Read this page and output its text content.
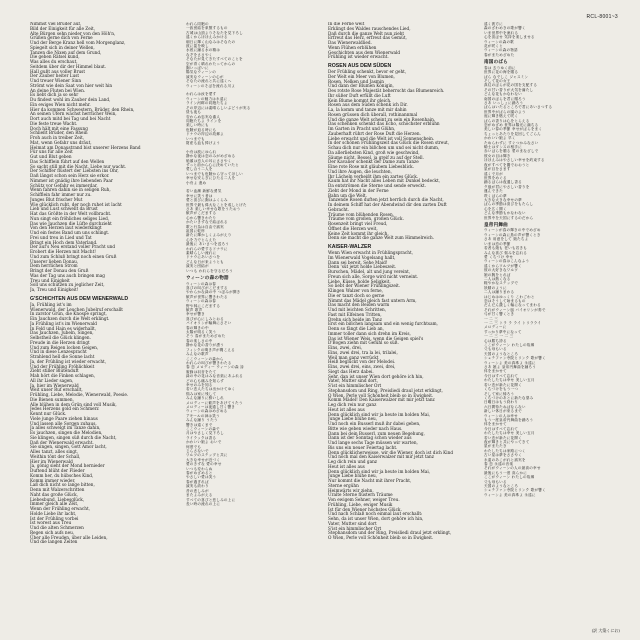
RCL-8001~3
Nimmst viel Brüder auf,
Bild der Einigkeit für alle Zeit,
Alte Bürgen sehn nieder von den Höh'n,
Grüßen gerne dich von Ferne
Und der Berge Kranz hell vom Morgenglanz,
Spiegelt sich in deiner Wellen,
Tanzen die Nixen auf dem Grund,
Die geben Rätsel kund,
Was alles du erschaut,
Seitdem über dir der Himmel blaut.
Hall gußt aus voller Brust
Der Zauber heiter Lust
Und treuer Wiener Sinn
Strömt wie dein Saat von hier weit hin
An deine Fluten bei Wien.
Es liebt dich ja so sehr
Du findest wohl im Zauber dein Land,
Ein ewiges Wien nicht mehr.
Hier da kommen Schwestern, Brüder, den Rhein,
An seinen Ufern wächst herrlicher Wein,
Dort auch mitd bei Tag und bei Nacht
Die feste treue Wacht.
Doch hält mit eine Fassung
Schließt Brüder, den Rhein
Froh auch in treiber Zeit,
Mat, wenn Gefahr uns dräut,
Heimat am Donaustrand bist unserer Herzens Band
Für uns für alle Zeit
Gut und Blut geben
Das Schifflein führt auf den Wellen
So sacht still mit die Nacht, Liebe nur wacht.
Der Schiffer flüstert der Liebsten ins Ohr,
Daß längst schon sein Herz sie erkor.
Nimmer ist gnädig ihre liebenden Paar
Schütz vor Gefahr es immerdar,
Wenn fahren dahin sie in seligen Ruh,
Schifflein fahr immer nur zu.
Junges Blut frischer Mut
Wie glücklich ruht, der noch ruhet ist lacht
Lieb und Lust schwellt da Brust
Hat das Größte in der Welt vollbracht.
Nun singt ein fröhliches seliges Lied,
Das wie Jauchzen die Lüfte durchzieht
Von den Herzen laut wiederklingt
Und ein festes Band um uns schlingt.
Frei und treu in Lied und Tat
Bringt ein Hoch dem Vaterland.
Der auf's Neu erstand voller Pracht und
Erobert die Herzen mit Macht!
Und zum Schluß bringt noch einen Gruß
Unserer lieben Donau,
Dem herrlichen Strom
Bringt der Donau den Gruß
Was der Tag uns auch bringen mag
Treu und Einigkeit
Soll uns schützen zu jeglicher Zeit,
Ja, Treu und Einigkeit!
G'SCHICHTEN AUS DEM WIENERWALD
Ja, Frühling ist's im
Wienerwald, der Leuchen Jubelruf erschallt
In zarstor Grün, die Knospe springt,
Ein Jauchzen durch die Welt erklingt.
Ja Frühling ist's im Wienerwald
In Feld und Hain es widerhallt,
Das Jauchzen, Jubeln, Singen,
Selbstheil die Glück klingen.
Freude in die Herzen dringt
Und zum Reigen locken Geigen,
Und in diese Lenzespracht
Strahlend hell die Sonne lacht
Ja, der Frühling ist wieder erwacht,
Und der Frühling Fröhlichkeit
Zieht stiller Blütenduft
Mah hört die Finken schlagen,
All ihr Lieder sagen,
Ja, hier im Wienerwald
Weit unser Ruf erschallt,
Frühling, Liebe, Melodie, Wienerwald, Poesie.
Die Bienen summen,
Alle blühen in dem Grün sind voll Musik,
Jedes Herzens gold ein Schmerz
Kennt nur Glück.
Viele junge Paare ziehen hinaus
Und lassen alle Sorgen zuhaus.
Ja alles schwelgt im Tanze dahin,
Es jauchzen, singen die Melodien,
Sie klingen, singen süß durch die Nacht,
Daß der Wienerwald erwacht.
Sie singen, singen, Gott Amor lacht,
Alles tanzt, alles singt,
Weithin tönt der Schall,
Hier im Wienerwald
Ja, gönig sieht der Mond hernieder
Duftend blüht der Flieder
Komm her, du hübsches Kind,
Komm immer wieder,
Laß dich nicht so lange bitten,
Denn mit Walzerschritten
Naht das große Glück,
Liebesbund, Liebesglück,
Immer gleich alle Zeit,
Wenn der Frühling erwacht,
Holde Liebe ihr lacht,
Ist der Frühling vorbei
Ist worest aus Treu
Und die alten Schmerzen
Regen sich aufs neu,
Über alle Freuden, über alle Leiden,
Und die langen Zeiten
われら同胞の
一致団結を象徴するもの
古城は山頂よりそなたを見下ろし
遠くからほほえみかける
朝日に輝く山なみはそなたの
波に姿を映し
水底に踊る水の精は
なぞをささやく
そなたが見てきたすべてのことを
空が青く晴れわたってからの
胸いっぱいに
陽気なウィーンの
誠実なウィーンの心が
そなたの流れと共に遠くへ
ウィーンのそばを流れる川よ
われらは汝を愛す
ウィーンの魅力は永遠に
ライン河畔の同胞たちよ
その岸辺には素晴らしいぶどうが実る
昼も夜も
変わらぬ忠実な番人
同胞たちよ ラインを
楽しい時にも
危険が迫る時にも
ドナウの岸辺の故郷よ
いつまでも
財産も血も捧げよう
小舟は波にゆられ
静かな夜は恋のみがめざめる
船頭は恋人の耳にささやく
ずっと前から心に決めていたと
愛し合う二人を
いつまでも危険から守ってほしい
幸せな安らぎにひたる二人を
小舟よ 進め
若い血潮 新鮮な勇気
幸せに笑う者は
愛と喜びに胸はふくらみ
世界で最も偉大なことを成しとげた
さあ 楽しい幸せな歌をうたおう
歓声がこだまする
心から響きわたり
かたいきずなで結ばれる
歌と行為は自由で誠実
祖国に乾杯
新たに輝かしくよみがえり
心を力でとらえた
最後に あいさつを送ろう
われらの愛するドナウに
素晴らしい流れに
ドナウにあいさつを
どんな日が来ようとも
誠実と団結が
いつも われらを守るだろう
ウィーンの森の物語
ウィーンの森は春
喜びの叫びがこだまする
やわらかな緑の中 つぼみが開き
歓声が世界に響きわたる
ウィーンの森は春
野や林にこだまする
歓声 歌声
幸せが響き
喜びが心にしみとおる
バイオリンが輪舞にさそい
春の輝きの中
太陽が明るく笑う
そう 春がまためざめた
春の楽しさの中
静かな花の香りが漂う
フィンクの鳴き声が聞こえる
みんなの歌声
ここウィーンの森から
われらの叫びが響きわたる
春 恋 メロディー ウィーンの森 詩
蜜蜂は羽音をたて
緑の中の花はみな音楽にあふれる
どの心も痛みを知らず
幸せのみを知る
若い恋人たちは出かけてゆく
悩みは家に残して
みんな踊りに酔いしれ
メロディーに歓声をあげてうたう
メロディーは夜通し甘く響き
ウィーンの森はめざめる
アモールの神は笑う
みんな踊り うたう
響きは遠くまで
ここウィーンの森で
月はやさしく見下ろし
ライラックは香る
かわいい娘よ おいで
何度でも
じらさないで
ワルツのステップと共に
大きな幸せが近づく
愛のきずな 愛の幸せ
いつも変わらぬ
春がめざめると
やさしい愛は笑う
春が過ぎれば
誠実も終わり
昔の悲しみが
またよみがえる
すべての喜びと悲しみの上に
長い時の流れの上に
In die Ferne weit
Erklingt des Waldes rauschendes Lied,
Daß durch die ganze Welt nun zieht
Erfreut das Herz, erfreut das Gemüt,
Das Wienerwaldlied.
Wenn Flühen erblühen
Geschichten aus dem Wienerwald
Frühling ist wieder erwacht.
ROSEN AUS DEM SÜDEN
Der Frühling schenkt, bevor er geht,
Der Welt ein Meer von Blumen,
Rosen, Nelken und Jasmin
Und dann der Blumen Königin,
Des rotste Rose Majestät beherrscht das Blumenreich.
Ihr süßer Duft erfüllt die Luft
Kein Blume kommt ihr gleich.
Rosen aus dem Süden schenk ich Dir.
La, la komm und tanze mit mir dahin
Rosen grüssen dich überall, rothinannmal
Und die ganze Welt scheint zu sein ein Rosenhain.
Das schenken schenkt das Echo, schöchster erblühn
Im Garten in Pracht und Glühn,
Zauberhaft rührt der Rose Duft die Herzen.
Liebe erwacht und die Welt ist voll Sonnenschein.
In der schönen Frühlingszeit das Glück die Rosen streut,
Schau dich nur ein bißchen um und sei nicht dumm,
Da allerliebsten Kind, groß wie geschwind,
Säume nicht, Bessel, ja greif zu auf der Stell.
Der Kavalier schenkt der Dame zum Tanze
Eine rote Rose mit gläubem Liebesblick.
Und ihre Augen, die leuchten,
Ihr Lächeln verheißt ihm ein zartes Glück.
Kaum hat ihr Nacht alles Leben mit Dunkel bedeckt,
Da entströmen die Sterne und sende erweckt.
Zieht der Mond in der Ferne
Bahn um die Welt.
Tanzende Rosen duften jetzt herrlich durch die Nacht,
In deinem Schiff hat der Abendwind dir den zarten Duft
Gebracht.
Träume vom blühenden Rosen,
Träume vom großen, großen Glück.
Rosenzeit bringt viel Freud,
Öffnet die Herzen weit,
Keine Zeit kommt ihr gleich,
Denn sie macht die ganze Welt zum Himmelreich.
KAISER-WALZER
Wenn Wien erwacht in Frühlingspracht,
Im Wienerwald Vogelsang hallt,
Dann sei bereit, Sehe Maid!
Denn 'süt jetzt holde Liebeszeit.
Burschen, Mädel, alt und jung vereint,
Freun sich alle, Sorge wird nicht verneint.
Liebe, Küsse, holde Seligkeit,
So liebt der Wiener Frühlingszeit.
Klingen Walzer von ferne,
Die er tanzt doch so gerne
Nimmt das Mädel gleich fast untern Arm,
Das macht den Beiden warm
Und mit leichten Schritten,
Fast mit Elfeinen Tritten,
Drehn sich beide im Tanz
Erst ein bißchen langsam und ein wenig furchtsam,
Denn so fängt die Lieb an,
Immer toller dann sich drehn im Kreis,
Das ist Wiener Weis, wenn die Geigen spiel's
D'Bogen ziehn mit Gefühl so süß.
Eins, zwei, drei,
Eins, zwei drei, tra la lei, trilalei,
Weil man ganz verrückt
Heiß beglückt von der Melodei.
Eins, zwei drei, eins, zwei, drei,
Siegt das Herz dabei.
Sehr, dan ist unser Wien dort gehöre ich hin,
Vater, Mutter sind dort,
S'ist ein himmlischer Ort
Stephansdom und Ring, Preisliedi draul jetzt erklingt,
O Wien, Perle voll Schönheit bleib so in Ewigkeit.
Komm Mädel! Den Kaiserwalzer mit mir jetzt tanz
Leg dich rein nur ganz
Heut ist alles aus
Denn glücklich sind wir ja heute im holden Mai,
Junge Liebe blühe neu,
Und noch ein Busserl muß ihr dabei geben,
Bitte wie geben wieder nach Haus.
Dann bei dein Busserl, zum neuen Begehung,
Dann ist der Sonntag schon wieder aus
Und lange sechs Tage müssen wir warten,
Bis uns ein neuer Feiertag lacht.
Denn glücklicherweisse, wir die Wiener, doch ist dich Kind
Und noch mal den Kaiserwalzer mit mir jetzt tanz
Leg dich rein und ganz
Heut ist alles aus
Denn glücklich sind wir ja heute im holden Mai,
Junge Liebe blühe neu,
Nur kommt die Nacht mit ihrer Pracht,
Sterne ergühn
Heimwärts wir ziehn,
Uralte Sterne flüstern Träume
Von ewigem Sehner, weiger Treu.
Frühling, Liebe, ewiger Musik
Ist für den Wiener höchstes Glück.
Und nach Schlaß noch einmal laut erschallt:
Sehn, da ist unser Wien, dort gehöre ich hin,
Vater, Mutter sind dort
S'ist ein himmlischer Ort
Stephansdom und der Ring, Preisliedi draul jetzt erklingt,
O Wien, Perle voll Schönheit bleib so in Ewigkeit.
遠く彼方に
森のざわめきの歌が響く
いま世界中を流れる
心を喜ばせ 気持を楽しませる
ウィーンの森の歌
花が咲くと
ウィーンの森の物語
春がまためざめた
南国のばら
春は 去りゆく前に
世界に花の海を贈る
ばら なでしこ ジャスミン
そして花の女王
真紅のばらが花の国を支配する
その甘い香りが大気を満たし
どんな花もかなわない
南国のばらを君に贈ろう
さあ いっしょに踊ろう
ばらはいたるところで君にあいさつする
世界中がばらの園のよう
庭に輝き燃えて咲く
ばらの香りは心をとらえる
恋がめざめ 世界は陽光に満ちる
美しい春の季節 幸せがばらをまく
ちょっとあたりを見回してごらん
かわいい娘よ 早く
ためらわずに すぐつかみなさい
騎士はダンスの相手に
赤いばらを贈る 愛のまなざしで
彼女の目は輝き
ほほえみはやさしい幸せを約束する
夜がすべてを闇でおおうと
星が目をさます
遠くで月が
世界をめぐる
踊るばらは夜通し香る
夕風が君にやさしい香りを
運んできた
咲くばらの夢
大きな大きな幸せの夢
ばらの季節は喜びをもたらし
心を広く開く
どんな季節もかなわない
世界中を天国にするのだから
皇帝円舞曲
ウィーンが春の輝きの中でめざめ
ウィーンの森に鳥の声が響くとき
さあ 用意をして 娘たちよ
いまは恋の季節
若者も娘も 老いも若きも
みんな喜び 悩みを忘れる
愛 くちづけ 幸せ
ウィーンの春はこんなふう
遠くからワルツが響く
彼の大好きなワルツ
娘の腕をとれば
二人は熱くなる
軽やかなステップで
妖精のように
二人は踊りまわる
はじめはゆっくり こわごわと
恋はそうして始まるもの
だんだん激しく輪になってまわる
それがウィーン風 バイオリンが奏で
弓が甘く響くとき
一 二 三
一 二 三 トラ ラ ライ トリラライ
メロディーに
すっかり夢中になって
一 二 三 一 二 三
心は勝ち誇る
ここがウィーン わたしの故郷
父も母もいる
天国のようなところ
シュテファン寺院とリンク 歌が響く
ウィーンよ 美の真珠よ 永遠に
さあ 娘よ 皇帝円舞曲を踊ろう
体をまかせて
今日はすべて忘れて
わたしたちは幸せ 美しい五月
若い恋が新たに花開く
くちづけをもう一つ
そして家に帰ろう
くちづけのあとに新たな望み
日曜日はもう終わり
六日間待たねばならない
新しい休日が来るまで
ウィーンの人は幸せ
もう一度皇帝円舞曲を踊ろう
体をまかせて
今日はすべて忘れて
わたしたちは幸せ 美しい五月
若い恋が新たに花開く
夜が輝きと共にやってきて
星がまたたき
わたしたちは家路につく
古い星は夢をささやく
永遠のあこがれと誠実を
春 恋 永遠の音楽
それがウィーンの人の最高の幸せ
最後にもう一度 高らかに
ここがウィーン わたしの故郷
父も母もいる
天国のようなところ
シュテファン寺院とリンク 歌が響く
ウィーンよ 美の真珠よ 永遠に
(訳 大築くにお)
